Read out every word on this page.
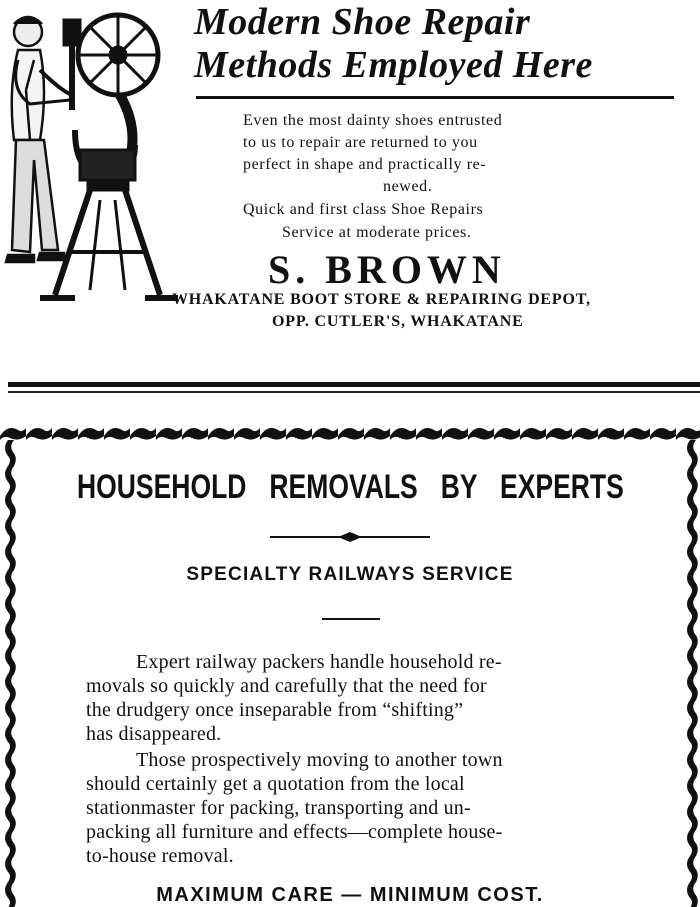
Modern Shoe Repair
Methods Employed Here
Even the most dainty shoes entrusted
to us to repair are returned to you
perfect in shape and practically re-
newed.
Quick and first class Shoe Repairs
Service at moderate prices.
S. BROWN
WHAKATANE BOOT STORE & REPAIRING DEPOT,
OPP. CUTLER'S, WHAKATANE
HOUSEHOLD REMOVALS BY EXPERTS
SPECIALTY RAILWAYS SERVICE
Expert railway packers handle household re-
movals so quickly and carefully that the need for
the drudgery once inseparable from “shifting”
has disappeared.
Those prospectively moving to another town
should certainly get a quotation from the local
stationmaster for packing, transporting and un-
packing all furniture and effects—complete house-
to-house removal.
MAXIMUM CARE — MINIMUM COST.
